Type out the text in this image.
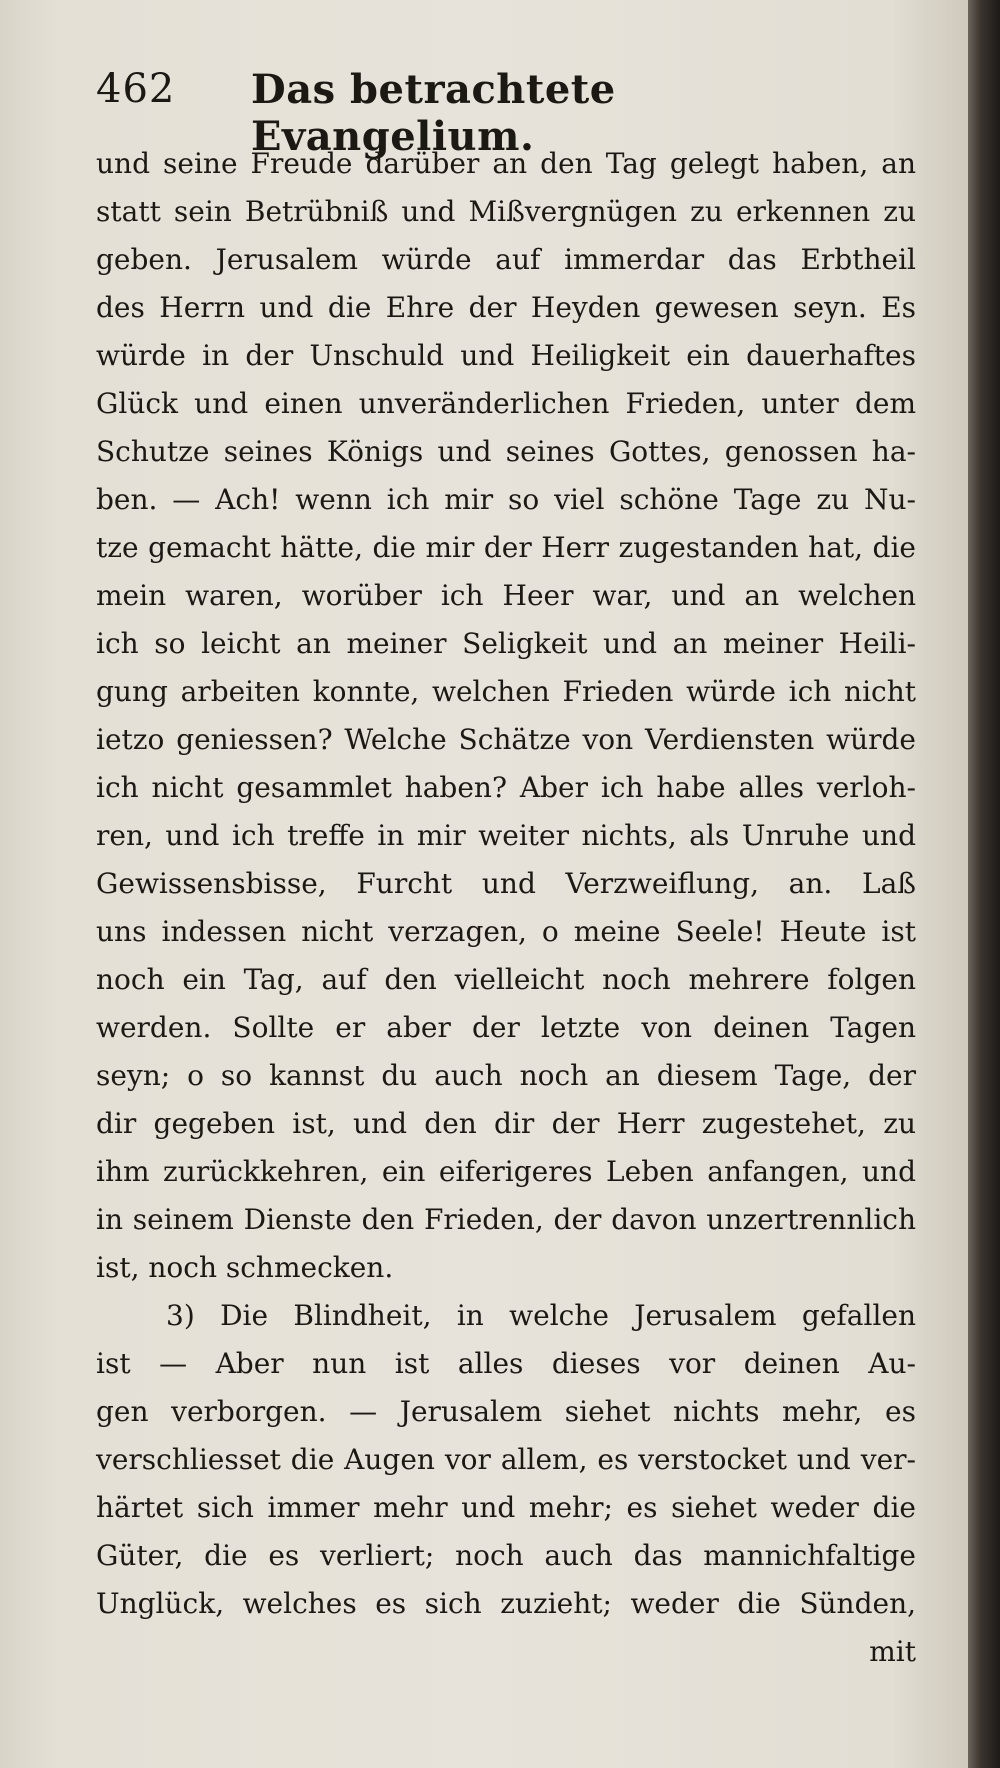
462 Das betrachtete Evangelium.
und seine Freude darüber an den Tag gelegt haben, an
statt sein Betrübniß und Mißvergnügen zu erkennen zu
geben. Jerusalem würde auf immerdar das Erbtheil
des Herrn und die Ehre der Heyden gewesen seyn. Es
würde in der Unschuld und Heiligkeit ein dauerhaftes
Glück und einen unveränderlichen Frieden, unter dem
Schutze seines Königs und seines Gottes, genossen ha-
ben. — Ach! wenn ich mir so viel schöne Tage zu Nu-
tze gemacht hätte, die mir der Herr zugestanden hat, die
mein waren, worüber ich Heer war, und an welchen
ich so leicht an meiner Seligkeit und an meiner Heili-
gung arbeiten konnte, welchen Frieden würde ich nicht
ietzo geniessen? Welche Schätze von Verdiensten würde
ich nicht gesammlet haben? Aber ich habe alles verloh-
ren, und ich treffe in mir weiter nichts, als Unruhe und
Gewissensbisse, Furcht und Verzweiflung, an. Laß
uns indessen nicht verzagen, o meine Seele! Heute ist
noch ein Tag, auf den vielleicht noch mehrere folgen
werden. Sollte er aber der letzte von deinen Tagen
seyn; o so kannst du auch noch an diesem Tage, der
dir gegeben ist, und den dir der Herr zugestehet, zu
ihm zurückkehren, ein eiferigeres Leben anfangen, und
in seinem Dienste den Frieden, der davon unzertrennlich
ist, noch schmecken.
3) Die Blindheit, in welche Jerusalem gefallen
ist — Aber nun ist alles dieses vor deinen Au-
gen verborgen. — Jerusalem siehet nichts mehr, es
verschliesset die Augen vor allem, es verstocket und ver-
härtet sich immer mehr und mehr; es siehet weder die
Güter, die es verliert; noch auch das mannichfaltige
Unglück, welches es sich zuzieht; weder die Sünden,
mit
